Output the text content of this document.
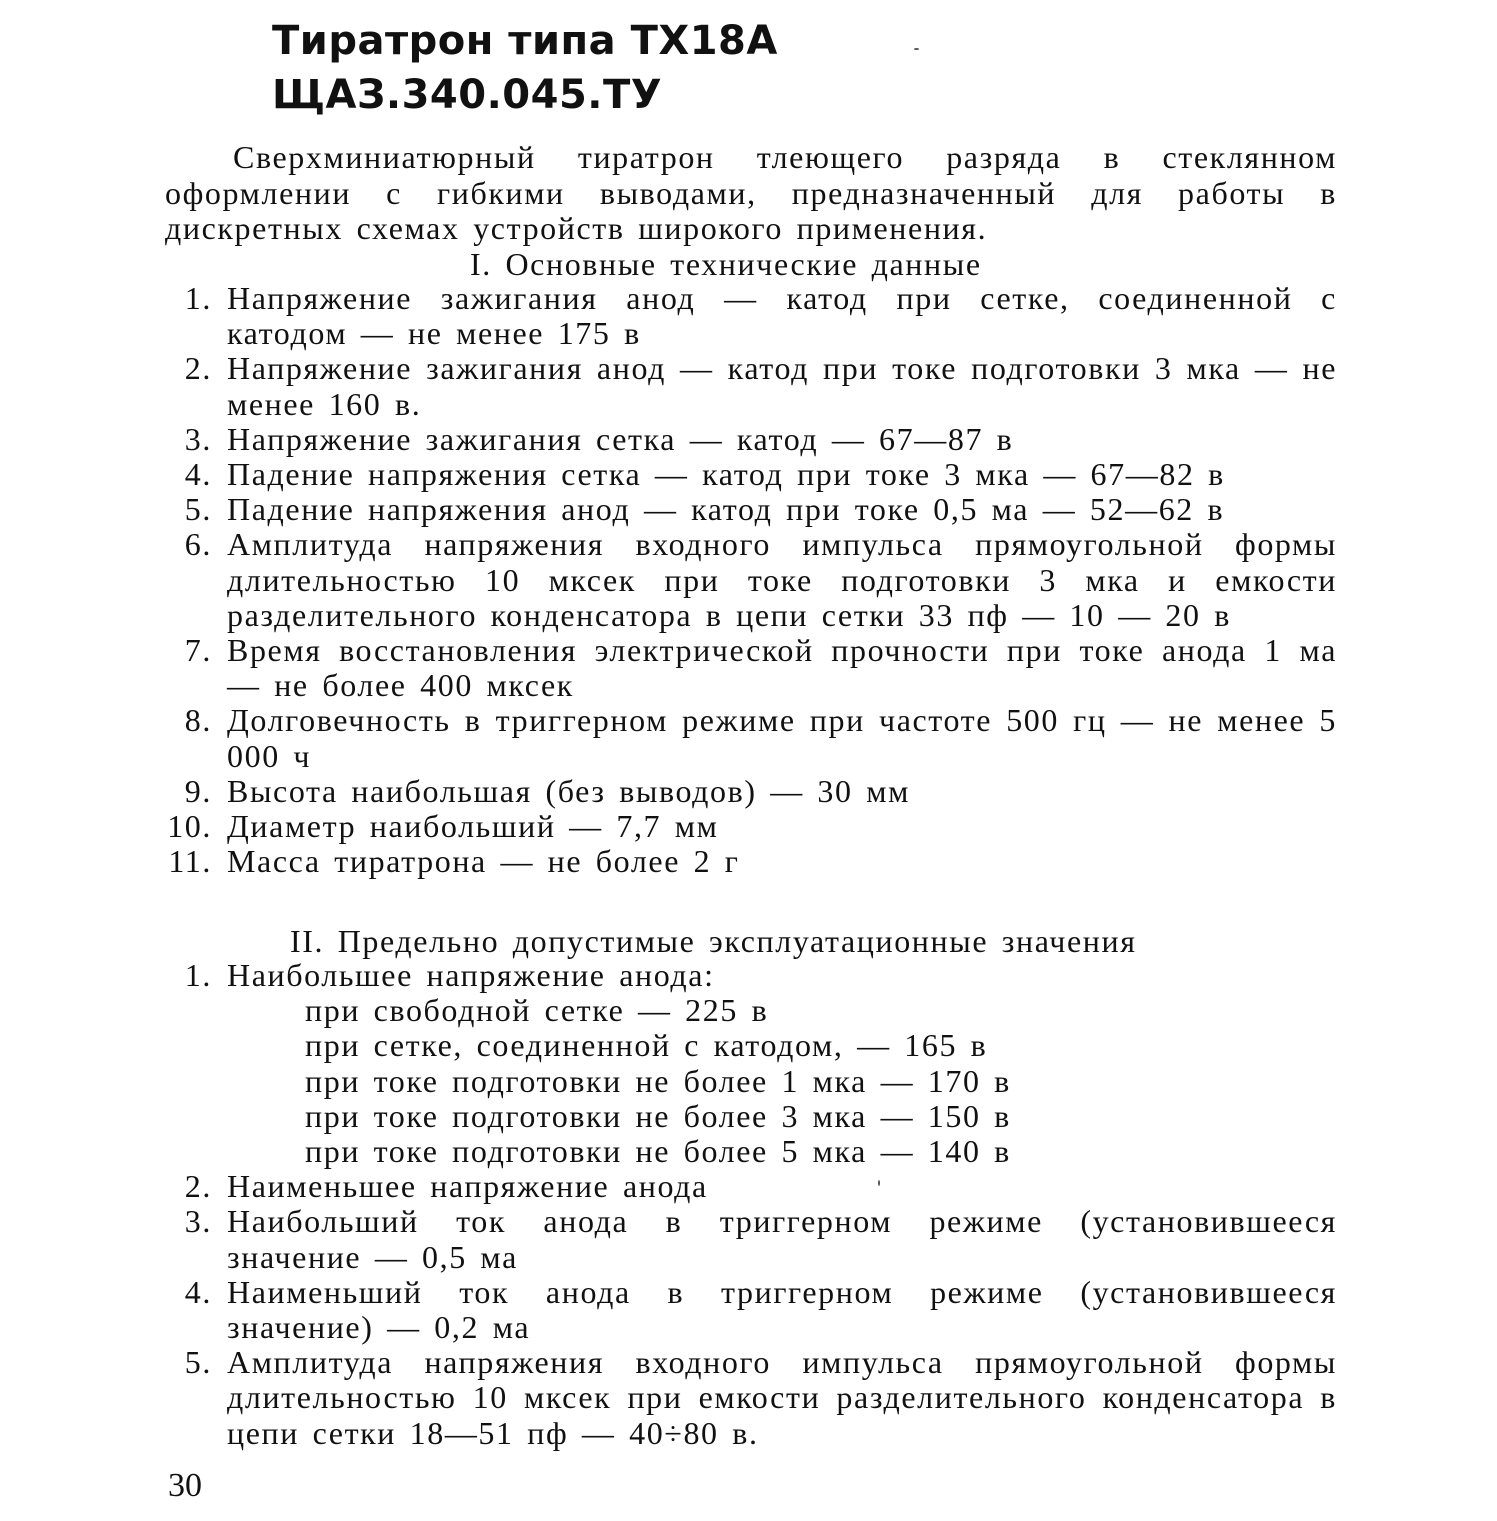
Тиратрон типа ТХ18А
ЩАЗ.340.045.ТУ

Сверхминиатюрный тиратрон тлеющего разряда в стеклянном оформлении с гибкими выводами, предназначенный для работы в дискретных схемах устройств широкого применения.

I. Основные технические данные
1. Напряжение зажигания анод — катод при сетке, соединенной с катодом — не менее 175 в
2. Напряжение зажигания анод — катод при токе подготовки 3 мка — не менее 160 в.
3. Напряжение зажигания сетка — катод — 67—87 в
4. Падение напряжения сетка — катод при токе 3 мка — 67—82 в
5. Падение напряжения анод — катод при токе 0,5 ма — 52—62 в
6. Амплитуда напряжения входного импульса прямоугольной формы длительностью 10 мксек при токе подготовки 3 мка и емкости разделительного конденсатора в цепи сетки 33 пф — 10 — 20 в
7. Время восстановления электрической прочности при токе анода 1 ма — не более 400 мксек
8. Долговечность в триггерном режиме при частоте 500 гц — не менее 5 000 ч
9. Высота наибольшая (без выводов) — 30 мм
10. Диаметр наибольший — 7,7 мм
11. Масса тиратрона — не более 2 г
II. Предельно допустимые эксплуатационные значения
1. Наибольшее напряжение анода:
при свободной сетке — 225 в
при сетке, соединенной с катодом, — 165 в
при токе подготовки не более 1 мка — 170 в
при токе подготовки не более 3 мка — 150 в
при токе подготовки не более 5 мка — 140 в
2. Наименьшее напряжение анода
3. Наибольший ток анода в триггерном режиме (установившееся значение — 0,5 ма
4. Наименьший ток анода в триггерном режиме (установившееся значение) — 0,2 ма
5. Амплитуда напряжения входного импульса прямоугольной формы длительностью 10 мксек при емкости разделительного конденсатора в цепи сетки 18—51 пф — 40÷80 в.
30
